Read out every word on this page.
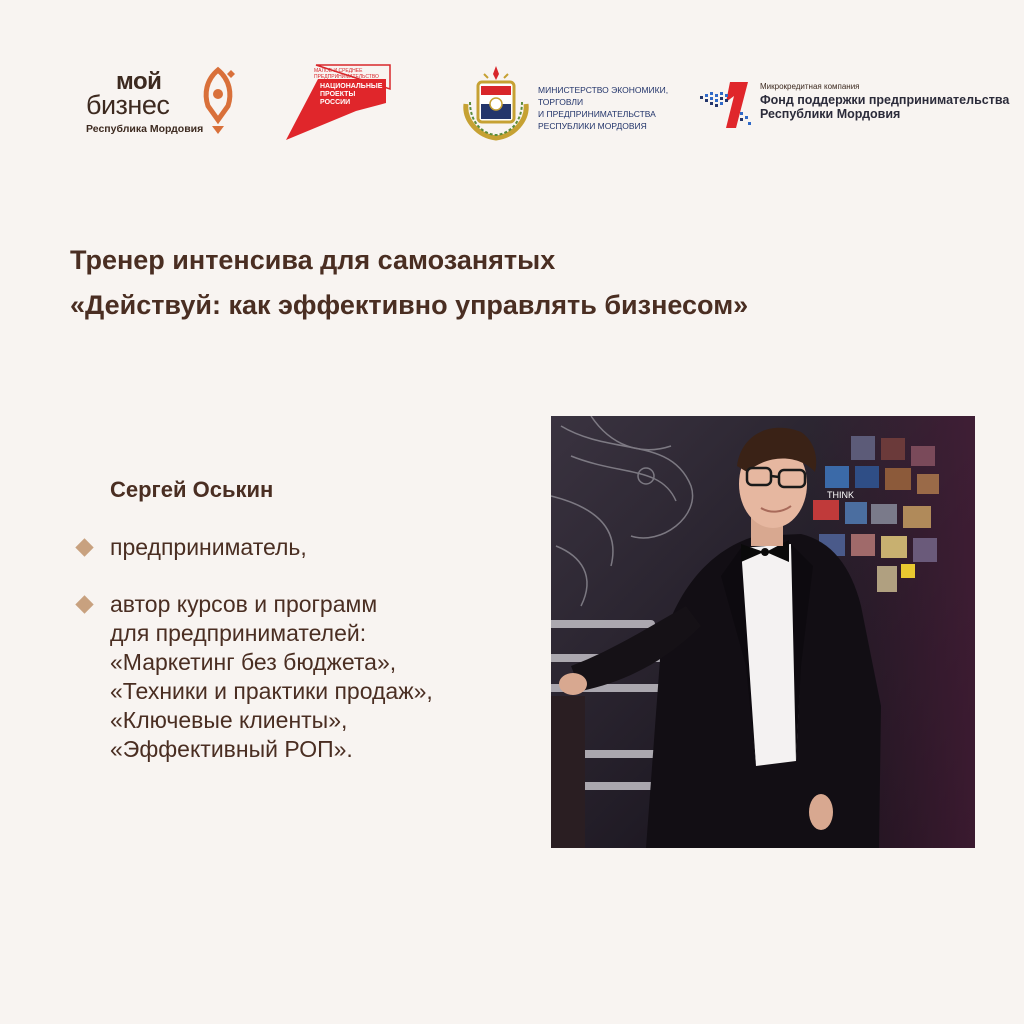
мой
бизнес
Республика Мордовия
МАЛОЕ И СРЕДНЕЕ ПРЕДПРИНИМАТЕЛЬСТВО
НАЦИОНАЛЬНЫЕ ПРОЕКТЫ РОССИИ
МИНИСТЕРСТВО ЭКОНОМИКИ, ТОРГОВЛИ
И ПРЕДПРИНИМАТЕЛЬСТВА
РЕСПУБЛИКИ МОРДОВИЯ
Микрокредитная компания
Фонд поддержки предпринимательства
Республики Мордовия
Тренер интенсива для самозанятых
«Действуй: как эффективно управлять бизнесом»
Сергей Оськин
предприниматель,
автор курсов и программ
для предпринимателей:
«Маркетинг без бюджета»,
«Техники и практики продаж»,
«Ключевые клиенты»,
«Эффективный РОП».
THINK
